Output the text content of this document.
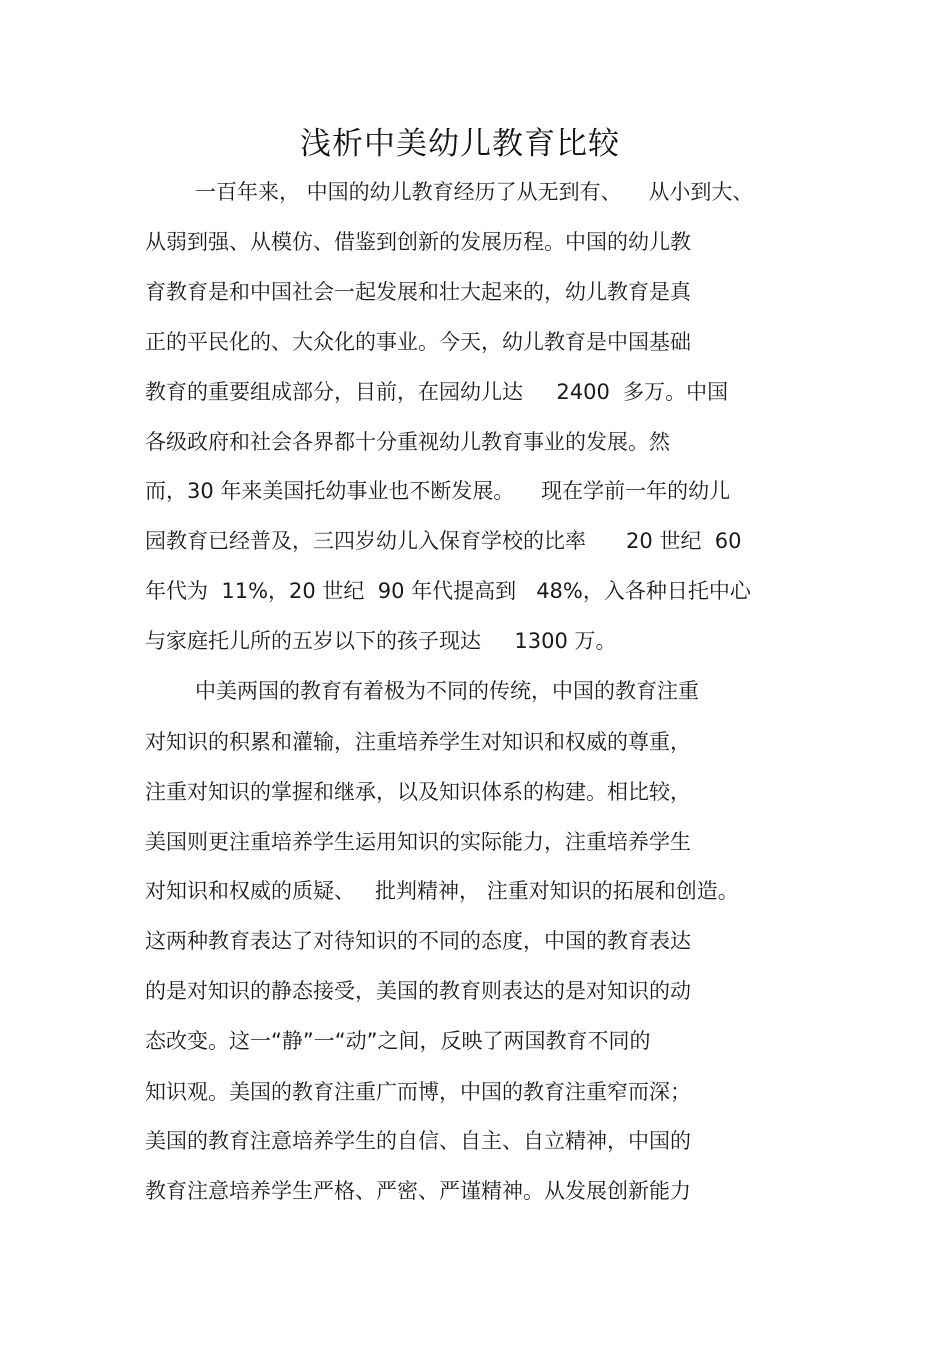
浅析中美幼儿教育比较
一百年来， 中国的幼儿教育经历了从无到有、    从小到大、
从弱到强、从模仿、借鉴到创新的发展历程。中国的幼儿教
育教育是和中国社会一起发展和壮大起来的，幼儿教育是真
正的平民化的、大众化的事业。今天，幼儿教育是中国基础
教育的重要组成部分，目前，在园幼儿达     2400  多万。中国
各级政府和社会各界都十分重视幼儿教育事业的发展。然
而，30 年来美国托幼事业也不断发展。    现在学前一年的幼儿
园教育已经普及，三四岁幼儿入保育学校的比率      20 世纪  60
年代为  11%，20 世纪  90 年代提高到   48%，入各种日托中心
与家庭托儿所的五岁以下的孩子现达     1300 万。
中美两国的教育有着极为不同的传统，中国的教育注重
对知识的积累和灌输，注重培养学生对知识和权威的尊重，
注重对知识的掌握和继承，以及知识体系的构建。相比较，
美国则更注重培养学生运用知识的实际能力，注重培养学生
对知识和权威的质疑、   批判精神， 注重对知识的拓展和创造。
这两种教育表达了对待知识的不同的态度，中国的教育表达
的是对知识的静态接受，美国的教育则表达的是对知识的动
态改变。这一“静”一“动”之间，反映了两国教育不同的
知识观。美国的教育注重广而博，中国的教育注重窄而深；
美国的教育注意培养学生的自信、自主、自立精神，中国的
教育注意培养学生严格、严密、严谨精神。从发展创新能力
